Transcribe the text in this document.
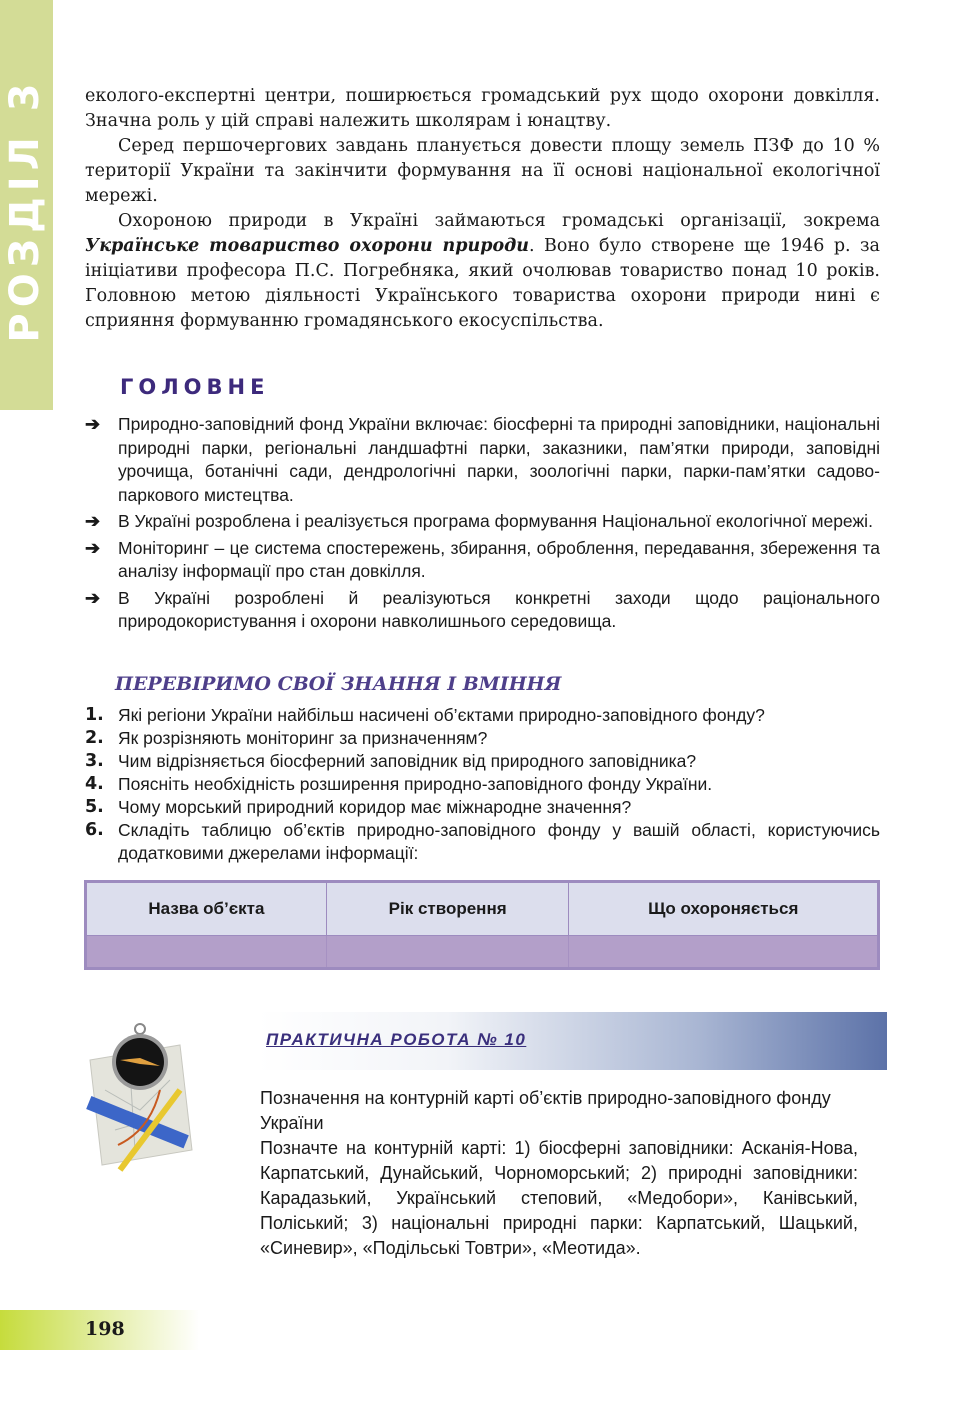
РОЗДІЛ 3 еколого-експертні центри, поширюється громадський рух щодо охорони довкілля. Значна роль у цій справі належить школярам і юнацтву.

Серед першочергових завдань планується довести площу земель ПЗФ до 10 % території України та закінчити формування на її основі національної екологічної мережі.

Охороною природи в Україні займаються громадські організації, зокрема Українське товариство охорони природи. Воно було створене ще 1946 р. за ініціативи професора П.С. Погребняка, який очолював товариство понад 10 років. Головною метою діяльності Українського товариства охорони природи нині є сприяння формуванню громадянського екосуспільства.

ГОЛОВНЕ
➔ Природно-заповідний фонд України включає: біосферні та природні заповідники, національні природні парки, регіональні ландшафтні парки, заказники, пам’ятки природи, заповідні урочища, ботанічні сади, дендрологічні парки, зоологічні парки, парки-пам’ятки садово-паркового мистецтва.
➔ В Україні розроблена і реалізується програма формування Національної екологічної мережі.
➔ Моніторинг – це система спостережень, збирання, оброблення, передавання, збереження та аналізу інформації про стан довкілля.
➔ В Україні розроблені й реалізуються конкретні заходи щодо раціонального природокористування і охорони навколишнього середовища.
ПЕРЕВІРИМО СВОЇ ЗНАННЯ І ВМІННЯ
1. Які регіони України найбільш насичені об’єктами природно-заповідного фонду?
2. Як розрізняють моніторинг за призначенням?
3. Чим відрізняється біосферний заповідник від природного заповідника?
4. Поясніть необхідність розширення природно-заповідного фонду України.
5. Чому морський природний коридор має міжнародне значення?
6. Складіть таблицю об’єктів природно-заповідного фонду у вашій області, користуючись додатковими джерелами інформації:
Назва об’єкта	Рік створення	Що охороняється

ПРАКТИЧНА РОБОТА № 10

Позначення на контурній карті об’єктів природно-заповідного фонду України

Позначте на контурній карті: 1) біосферні заповідники: Асканія-Нова, Карпатський, Дунайський, Чорноморський; 2) природні заповідники: Карадазький, Український степовий, «Медобори», Канівський, Поліський; 3) національні природні парки: Карпатський, Шацький, «Синевир», «Подільські Товтри», «Меотида».

198
